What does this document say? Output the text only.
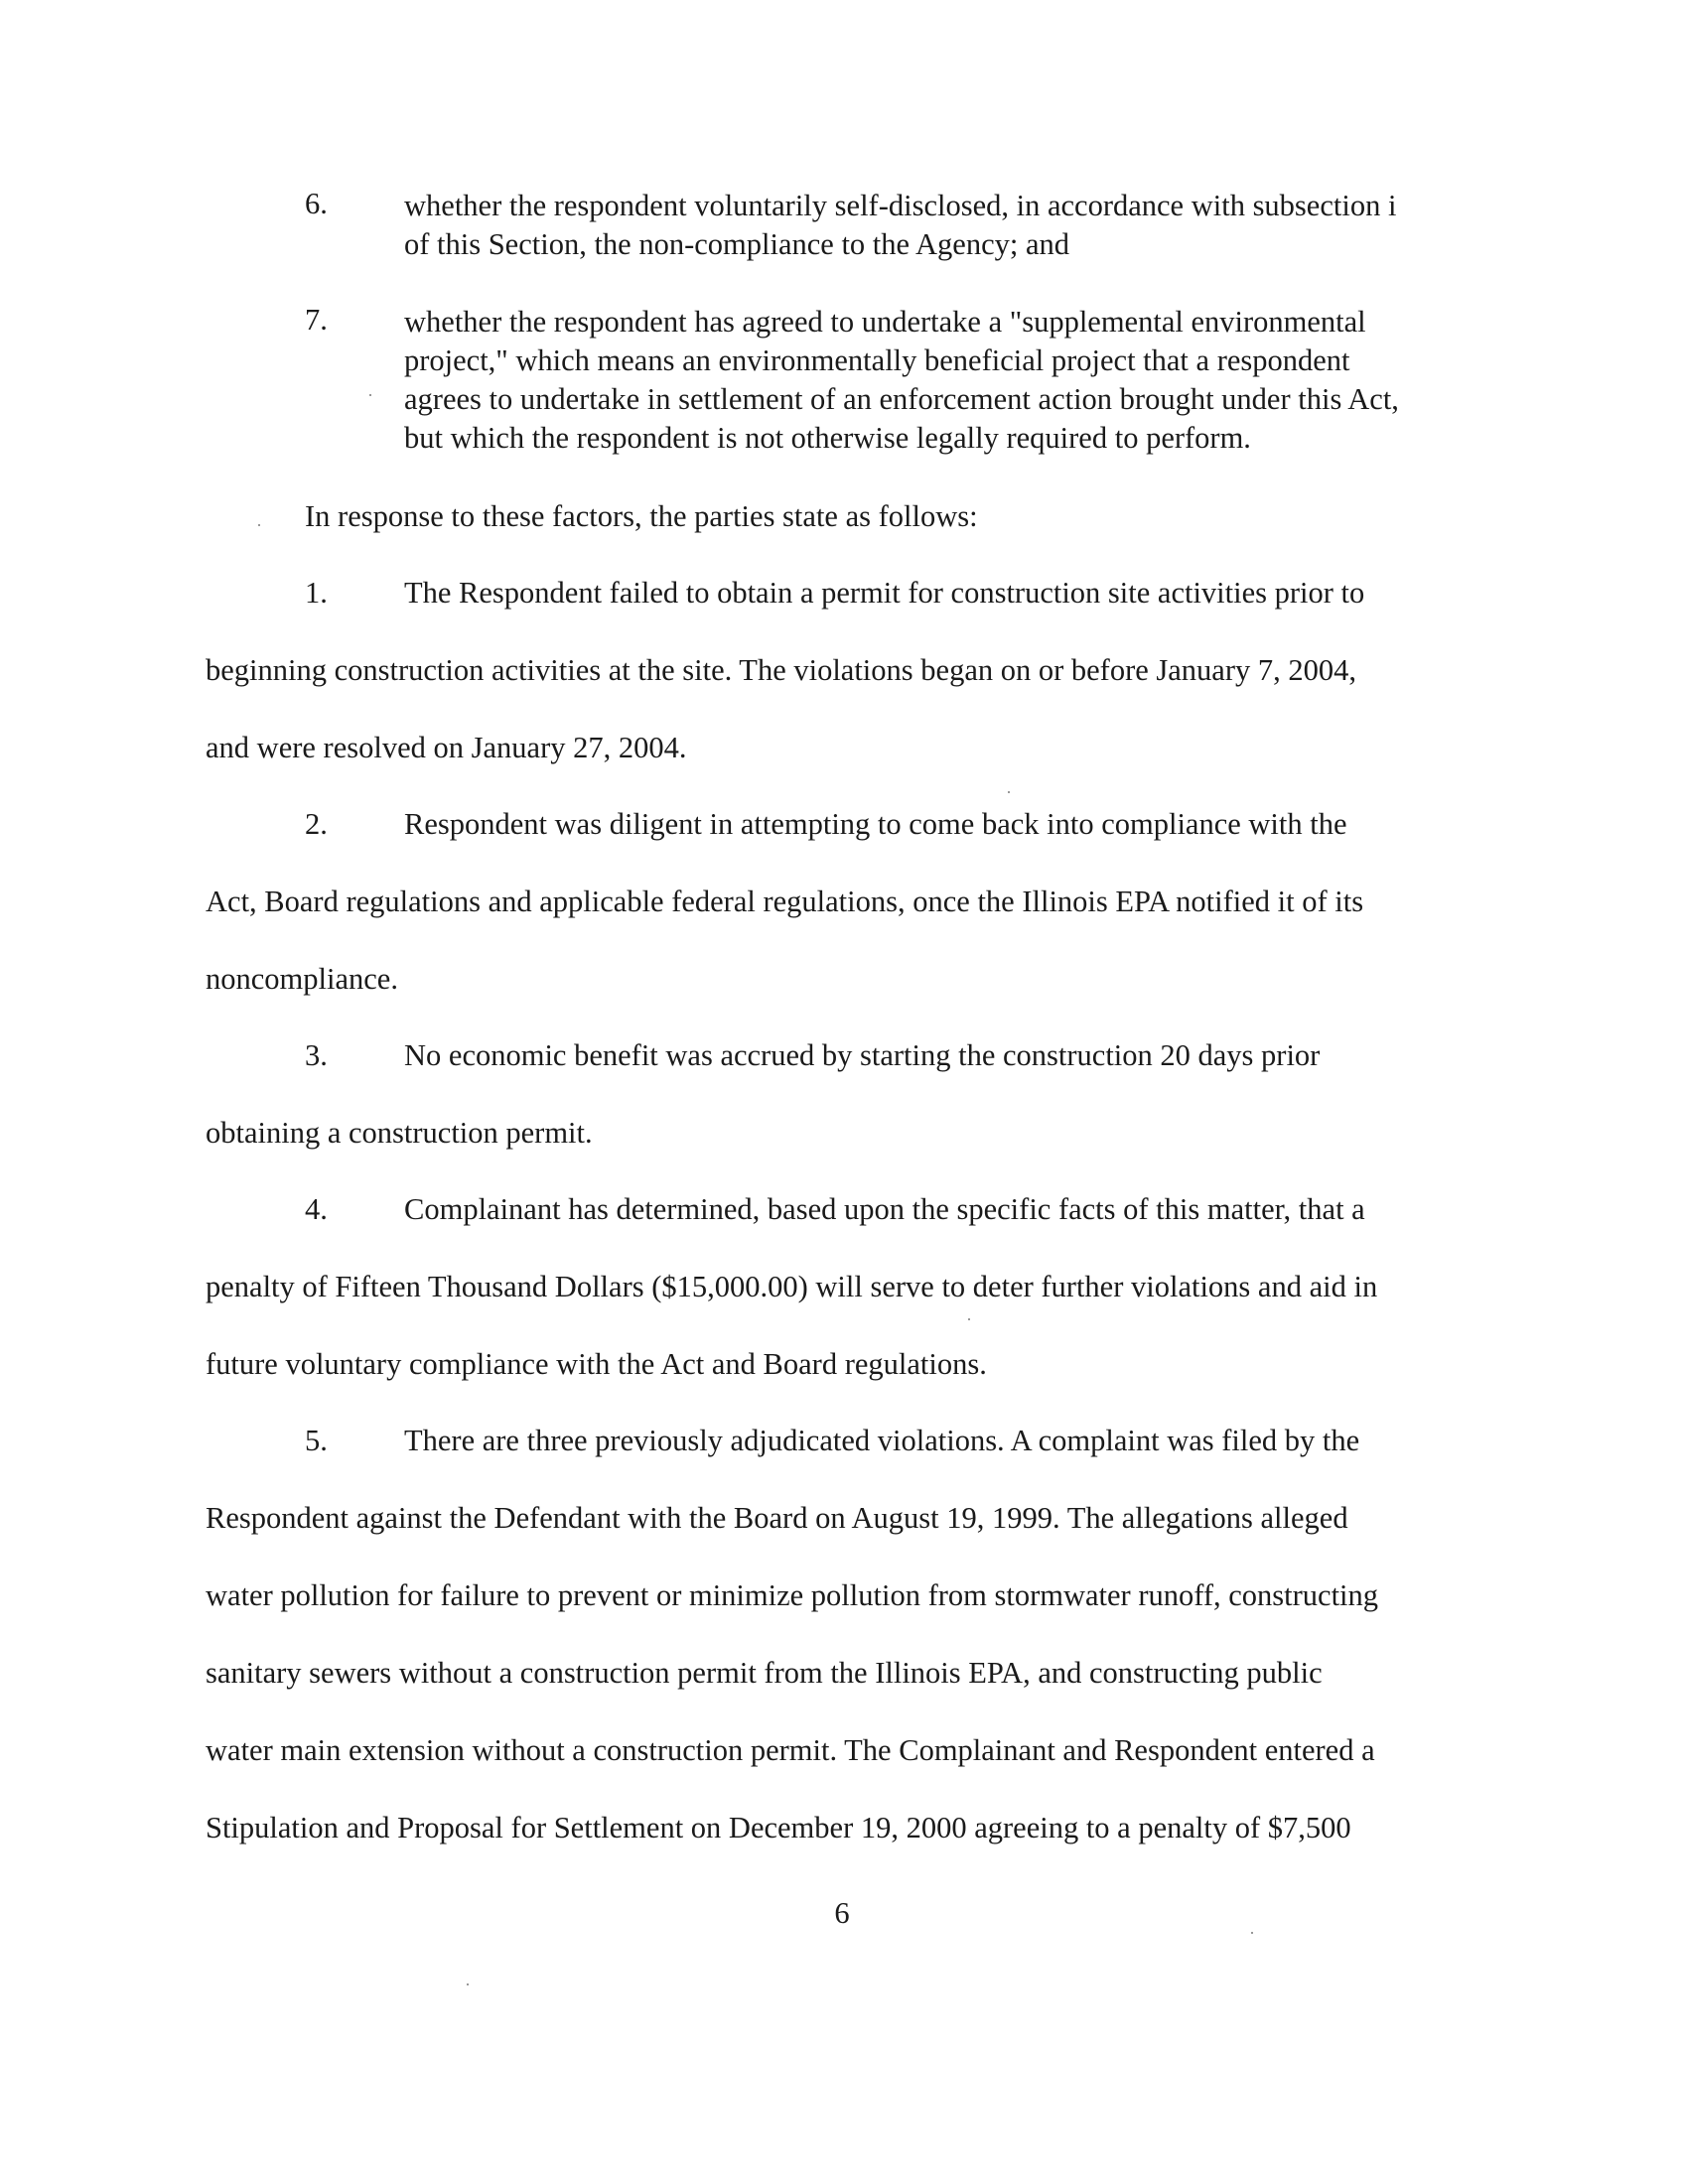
6.	whether the respondent voluntarily self-disclosed, in accordance with subsection i
of this Section, the non-compliance to the Agency; and
7.	whether the respondent has agreed to undertake a "supplemental environmental
project," which means an environmentally beneficial project that a respondent
agrees to undertake in settlement of an enforcement action brought under this Act,
but which the respondent is not otherwise legally required to perform.
In response to these factors, the parties state as follows:
1.	The Respondent failed to obtain a permit for construction site activities prior to
beginning construction activities at the site. The violations began on or before January 7, 2004,
and were resolved on January 27, 2004.
2.	Respondent was diligent in attempting to come back into compliance with the
Act, Board regulations and applicable federal regulations, once the Illinois EPA notified it of its
noncompliance.
3.	No economic benefit was accrued by starting the construction 20 days prior
obtaining a construction permit.
4.	Complainant has determined, based upon the specific facts of this matter, that a
penalty of Fifteen Thousand Dollars ($15,000.00) will serve to deter further violations and aid in
future voluntary compliance with the Act and Board regulations.
5.	There are three previously adjudicated violations. A complaint was filed by the
Respondent against the Defendant with the Board on August 19, 1999. The allegations alleged
water pollution for failure to prevent or minimize pollution from stormwater runoff, constructing
sanitary sewers without a construction permit from the Illinois EPA, and constructing public
water main extension without a construction permit. The Complainant and Respondent entered a
Stipulation and Proposal for Settlement on December 19, 2000 agreeing to a penalty of $7,500
6
